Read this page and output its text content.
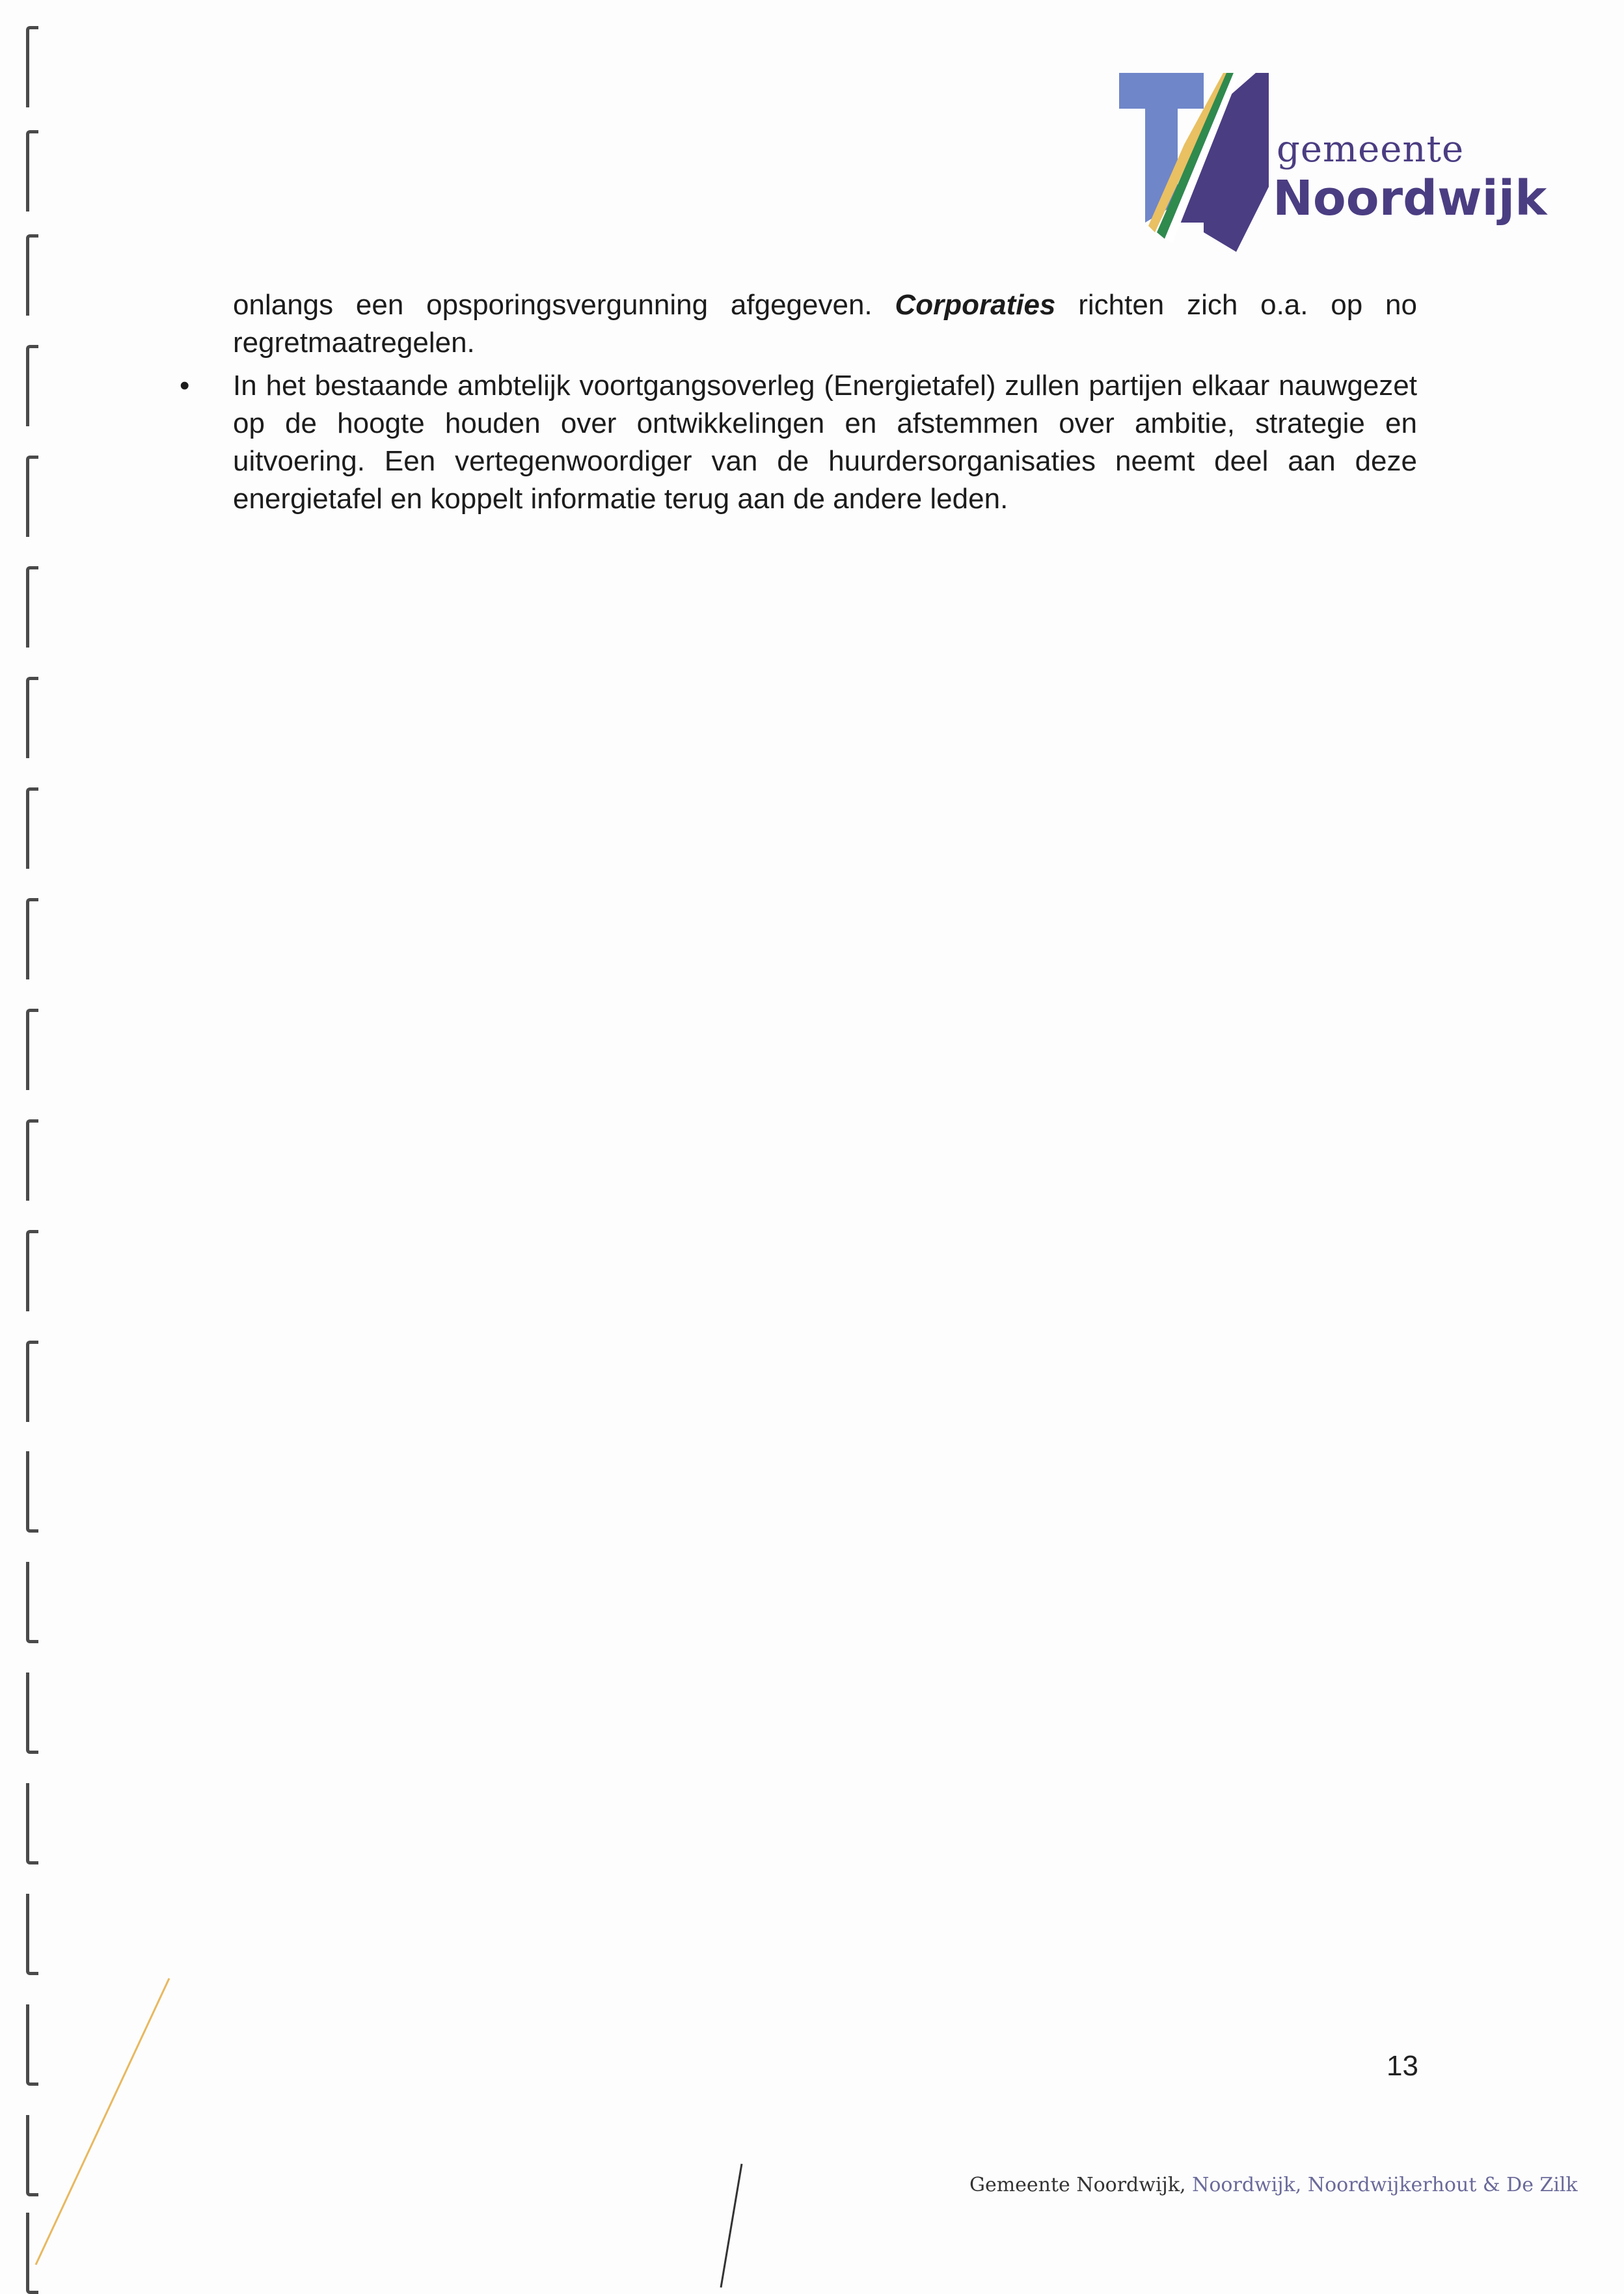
gemeente
Noordwijk

onlangs een opsporingsvergunning afgegeven. Corporaties richten zich o.a. op no regretmaatregelen.

• In het bestaande ambtelijk voortgangsoverleg (Energietafel) zullen partijen elkaar nauwgezet op de hoogte houden over ontwikkelingen en afstemmen over ambitie, strategie en uitvoering. Een vertegenwoordiger van de huurdersorganisaties neemt deel aan deze energietafel en koppelt informatie terug aan de andere leden.
13
Gemeente Noordwijk, Noordwijk, Noordwijkerhout & De Zilk
